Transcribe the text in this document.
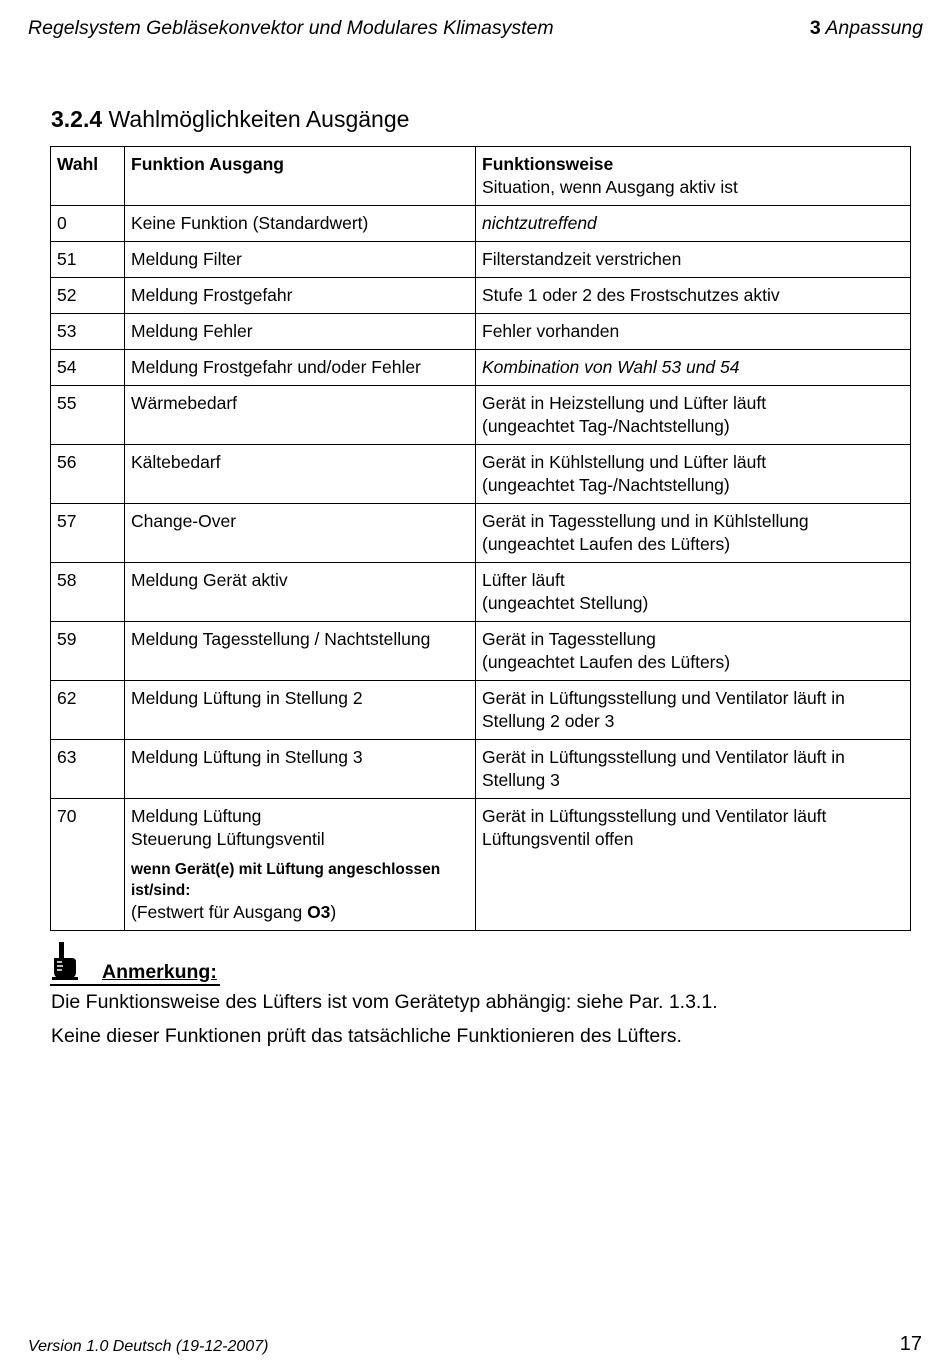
Regelsystem Gebläsekonvektor und Modulares Klimasystem	3 Anpassung
3.2.4 Wahlmöglichkeiten Ausgänge
Wahl	Funktion Ausgang	Funktionsweise
Situation, wenn Ausgang aktiv ist

0	Keine Funktion (Standardwert)	nichtzutreffend
51	Meldung Filter	Filterstandzeit verstrichen
52	Meldung Frostgefahr	Stufe 1 oder 2 des Frostschutzes aktiv
53	Meldung Fehler	Fehler vorhanden
54	Meldung Frostgefahr und/oder Fehler	Kombination von Wahl 53 und 54
55	Wärmebedarf	Gerät in Heizstellung und Lüfter läuft
(ungeachtet Tag-/Nachtstellung)

56	Kältebedarf	Gerät in Kühlstellung und Lüfter läuft
(ungeachtet Tag-/Nachtstellung)

57	Change-Over	Gerät in Tagesstellung und in Kühlstellung
(ungeachtet Laufen des Lüfters)

58	Meldung Gerät aktiv	Lüfter läuft
(ungeachtet Stellung)

59	Meldung Tagesstellung / Nachtstellung	Gerät in Tagesstellung
(ungeachtet Laufen des Lüfters)

62	Meldung Lüftung in Stellung 2	Gerät in Lüftungsstellung und Ventilator läuft in
Stellung 2 oder 3

63	Meldung Lüftung in Stellung 3	Gerät in Lüftungsstellung und Ventilator läuft in
Stellung 3

70	Meldung Lüftung
Steuerung Lüftungsventil
wenn Gerät(e) mit Lüftung angeschlossen ist/sind:
(Festwert für Ausgang O3)	Gerät in Lüftungsstellung und Ventilator läuft
Lüftungsventil offen
Anmerkung:
Die Funktionsweise des Lüfters ist vom Gerätetyp abhängig: siehe Par. 1.3.1.
Keine dieser Funktionen prüft das tatsächliche Funktionieren des Lüfters.
Version 1.0 Deutsch (19-12-2007)	17
